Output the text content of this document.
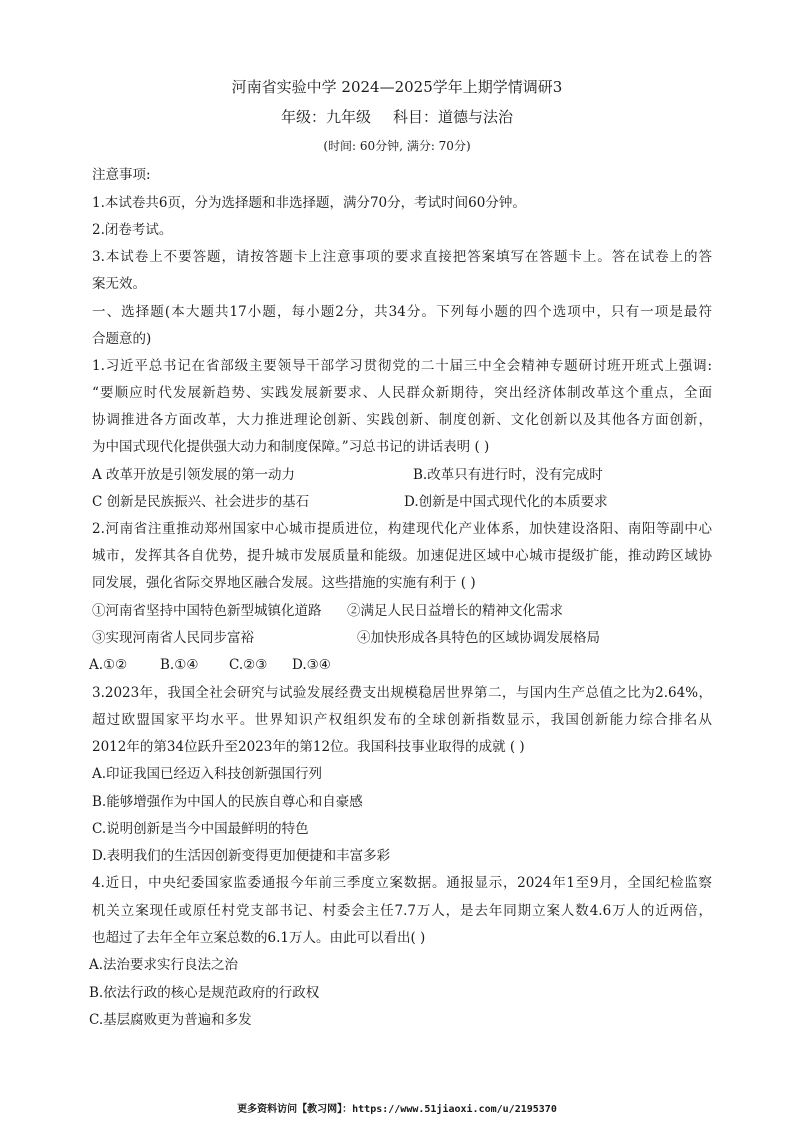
河南省实验中学 2024—2025学年上期学情调研3
年级：九年级 科目：道德与法治
(时间: 60分钟, 满分: 70分)
注意事项:
1.本试卷共6页，分为选择题和非选择题，满分70分，考试时间60分钟。
2.闭卷考试。
3.本试卷上不要答题，请按答题卡上注意事项的要求直接把答案填写在答题卡上。答在试卷上的答
案无效。
一、选择题(本大题共17小题，每小题2分，共34分。下列每小题的四个选项中，只有一项是最符
合题意的)
1.习近平总书记在省部级主要领导干部学习贯彻党的二十届三中全会精神专题研讨班开班式上强调:
“要顺应时代发展新趋势、实践发展新要求、人民群众新期待，突出经济体制改革这个重点，全面
协调推进各方面改革，大力推进理论创新、实践创新、制度创新、文化创新以及其他各方面创新，
为中国式现代化提供强大动力和制度保障。”习总书记的讲话表明 ( )
A 改革开放是引领发展的第一动力	B.改革只有进行时，没有完成时
C 创新是民族振兴、社会进步的基石	D.创新是中国式现代化的本质要求
2.河南省注重推动郑州国家中心城市提质进位，构建现代化产业体系，加快建设洛阳、南阳等副中心
城市，发挥其各自优势，提升城市发展质量和能级。加速促进区域中心城市提级扩能，推动跨区域协
同发展，强化省际交界地区融合发展。这些措施的实施有利于 ( )
①河南省坚持中国特色新型城镇化道路 ②满足人民日益增长的精神文化需求
③实现河南省人民同步富裕	④加快形成各具特色的区域协调发展格局
A.①② B.①④ C.②③ D.③④
3.2023年，我国全社会研究与试验发展经费支出规模稳居世界第二，与国内生产总值之比为2.64%，
超过欧盟国家平均水平。世界知识产权组织发布的全球创新指数显示，我国创新能力综合排名从
2012年的第34位跃升至2023年的第12位。我国科技事业取得的成就 ( )
A.印证我国已经迈入科技创新强国行列
B.能够增强作为中国人的民族自尊心和自豪感
C.说明创新是当今中国最鲜明的特色
D.表明我们的生活因创新变得更加便捷和丰富多彩
4.近日，中央纪委国家监委通报今年前三季度立案数据。通报显示，2024年1至9月，全国纪检监察
机关立案现任或原任村党支部书记、村委会主任7.7万人，是去年同期立案人数4.6万人的近两倍，
也超过了去年全年立案总数的6.1万人。由此可以看出( )
A.法治要求实行良法之治
B.依法行政的核心是规范政府的行政权
C.基层腐败更为普遍和多发
更多资料访问【教习网】：https://www.51jiaoxi.com/u/2195370
